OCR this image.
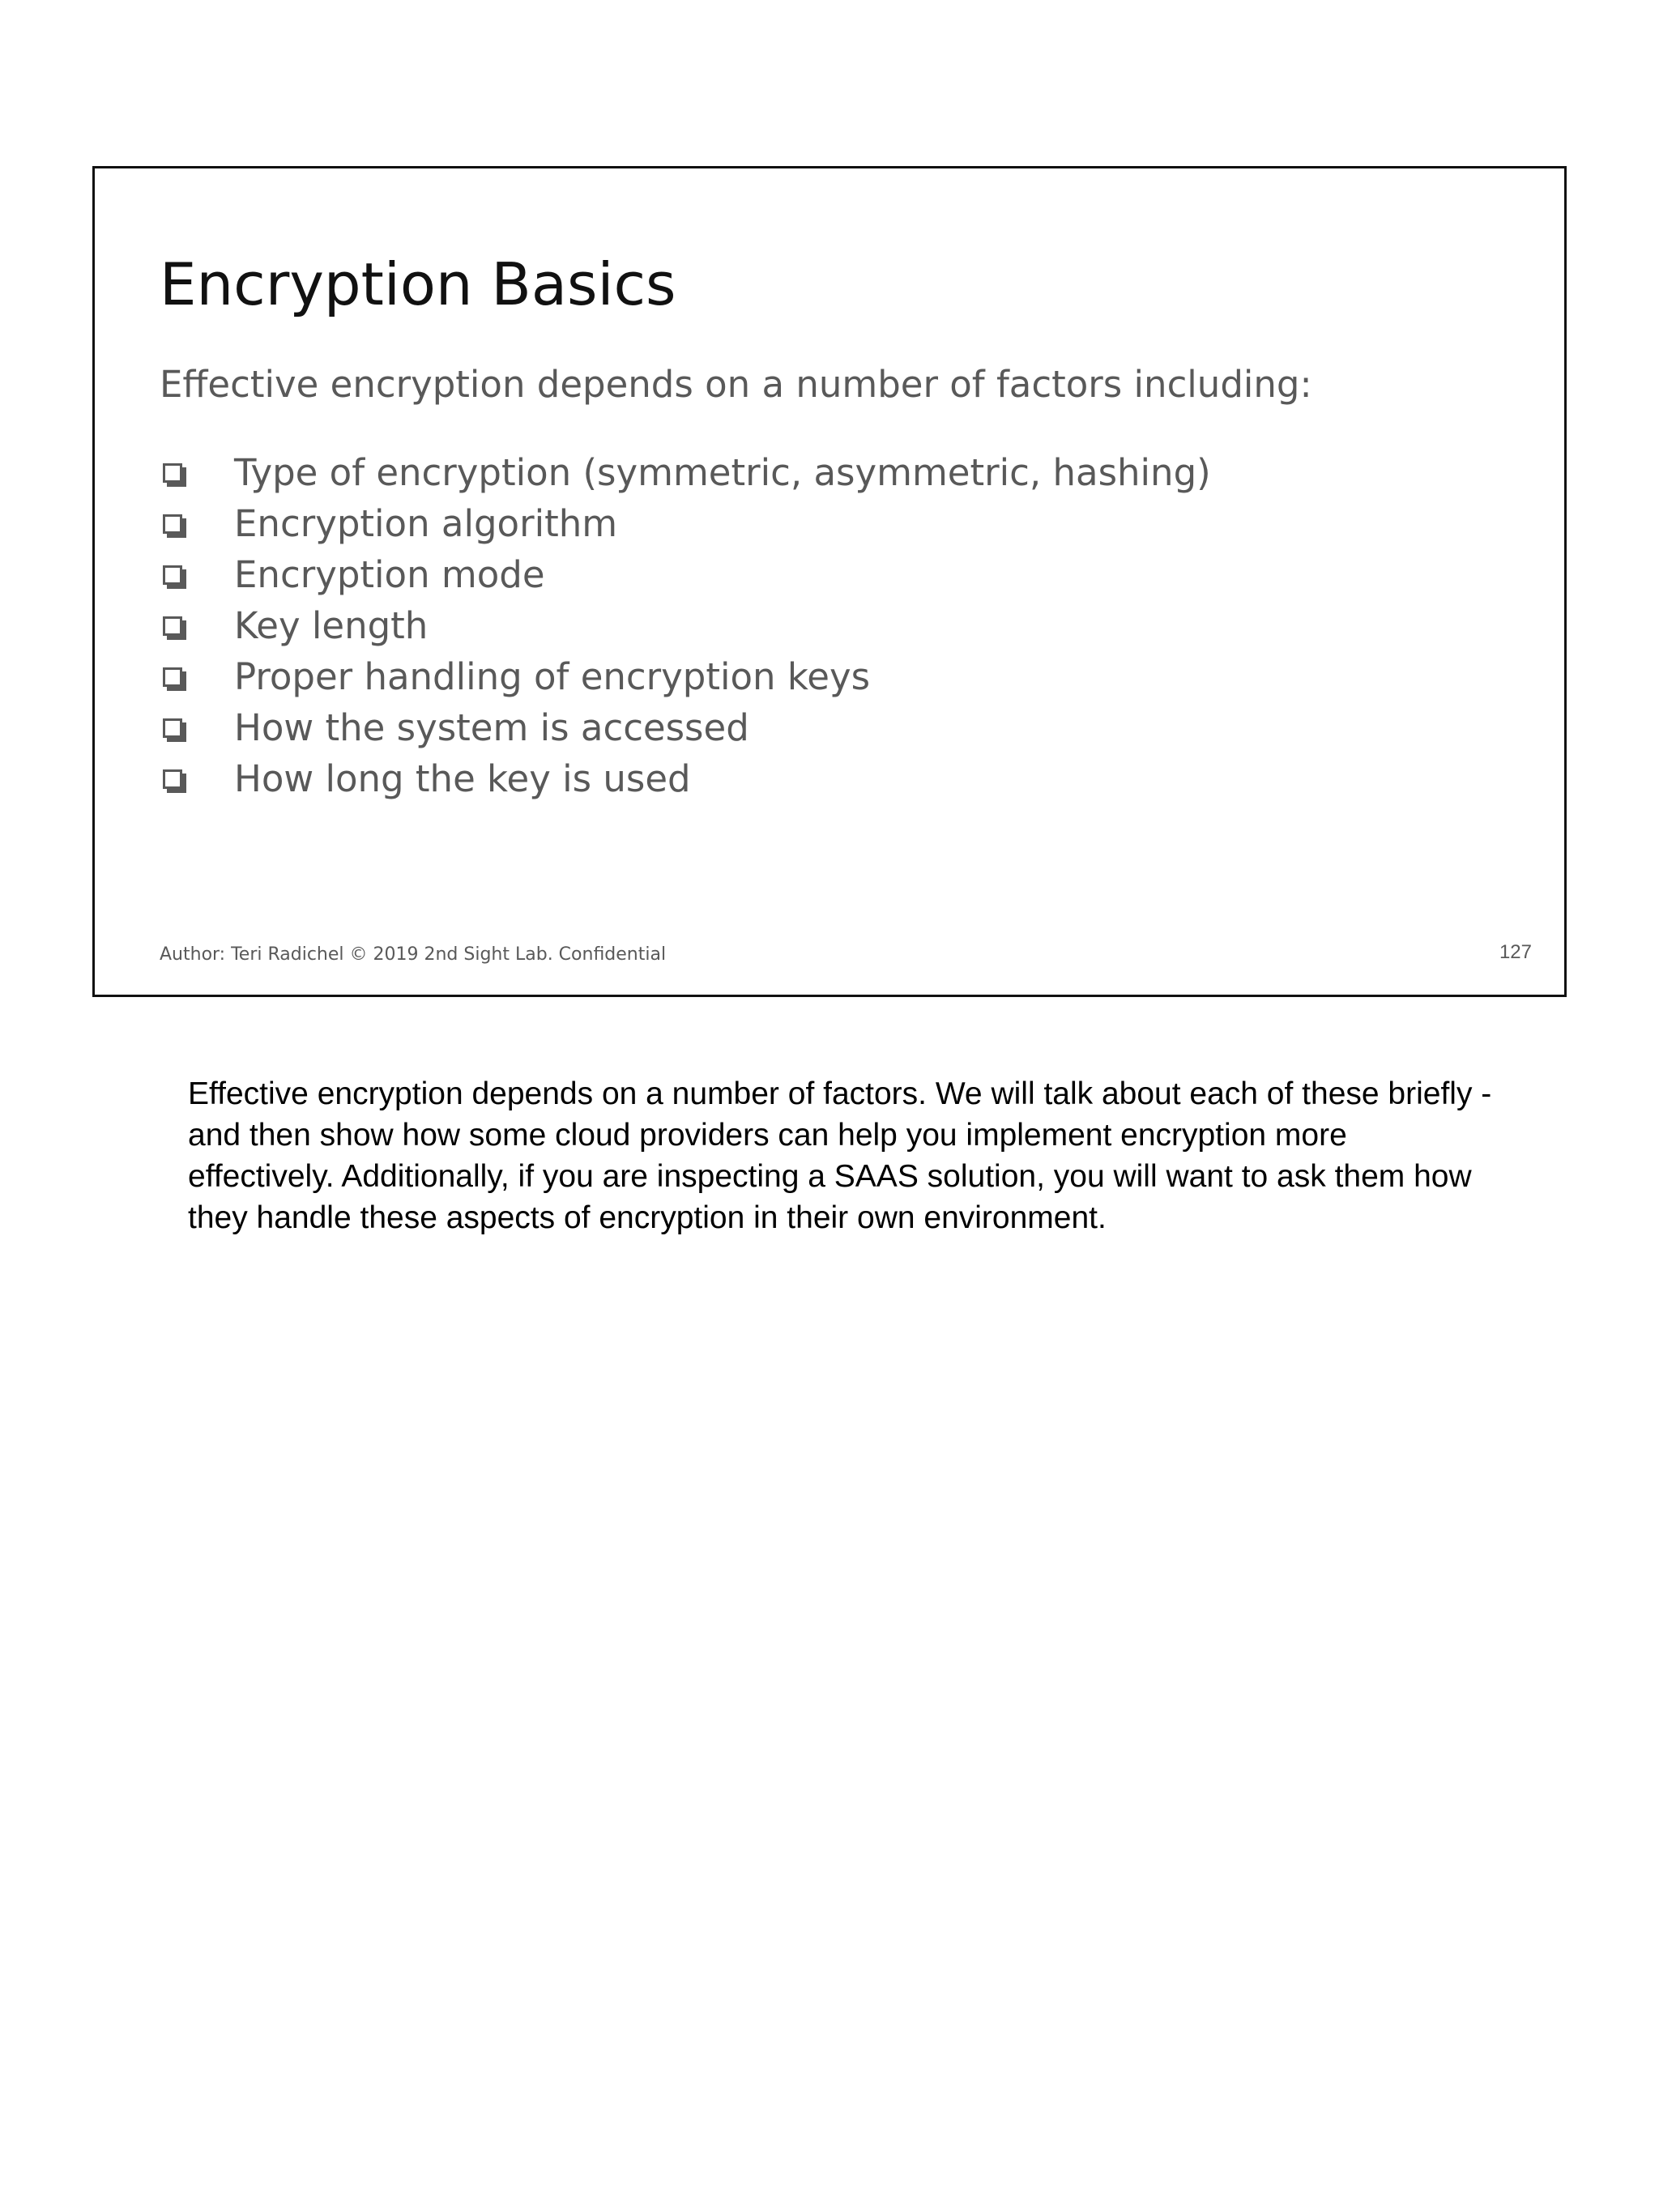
Encryption Basics

Effective encryption depends on a number of factors including:

Type of encryption (symmetric, asymmetric, hashing)
Encryption algorithm
Encryption mode
Key length
Proper handling of encryption keys
How the system is accessed
How long the key is used
Author: Teri Radichel © 2019 2nd Sight Lab. Confidential	127

Effective encryption depends on a number of factors. We will talk about each of these briefly - and then show how some cloud providers can help you implement encryption more effectively. Additionally, if you are inspecting a SAAS solution, you will want to ask them how they handle these aspects of encryption in their own environment.
